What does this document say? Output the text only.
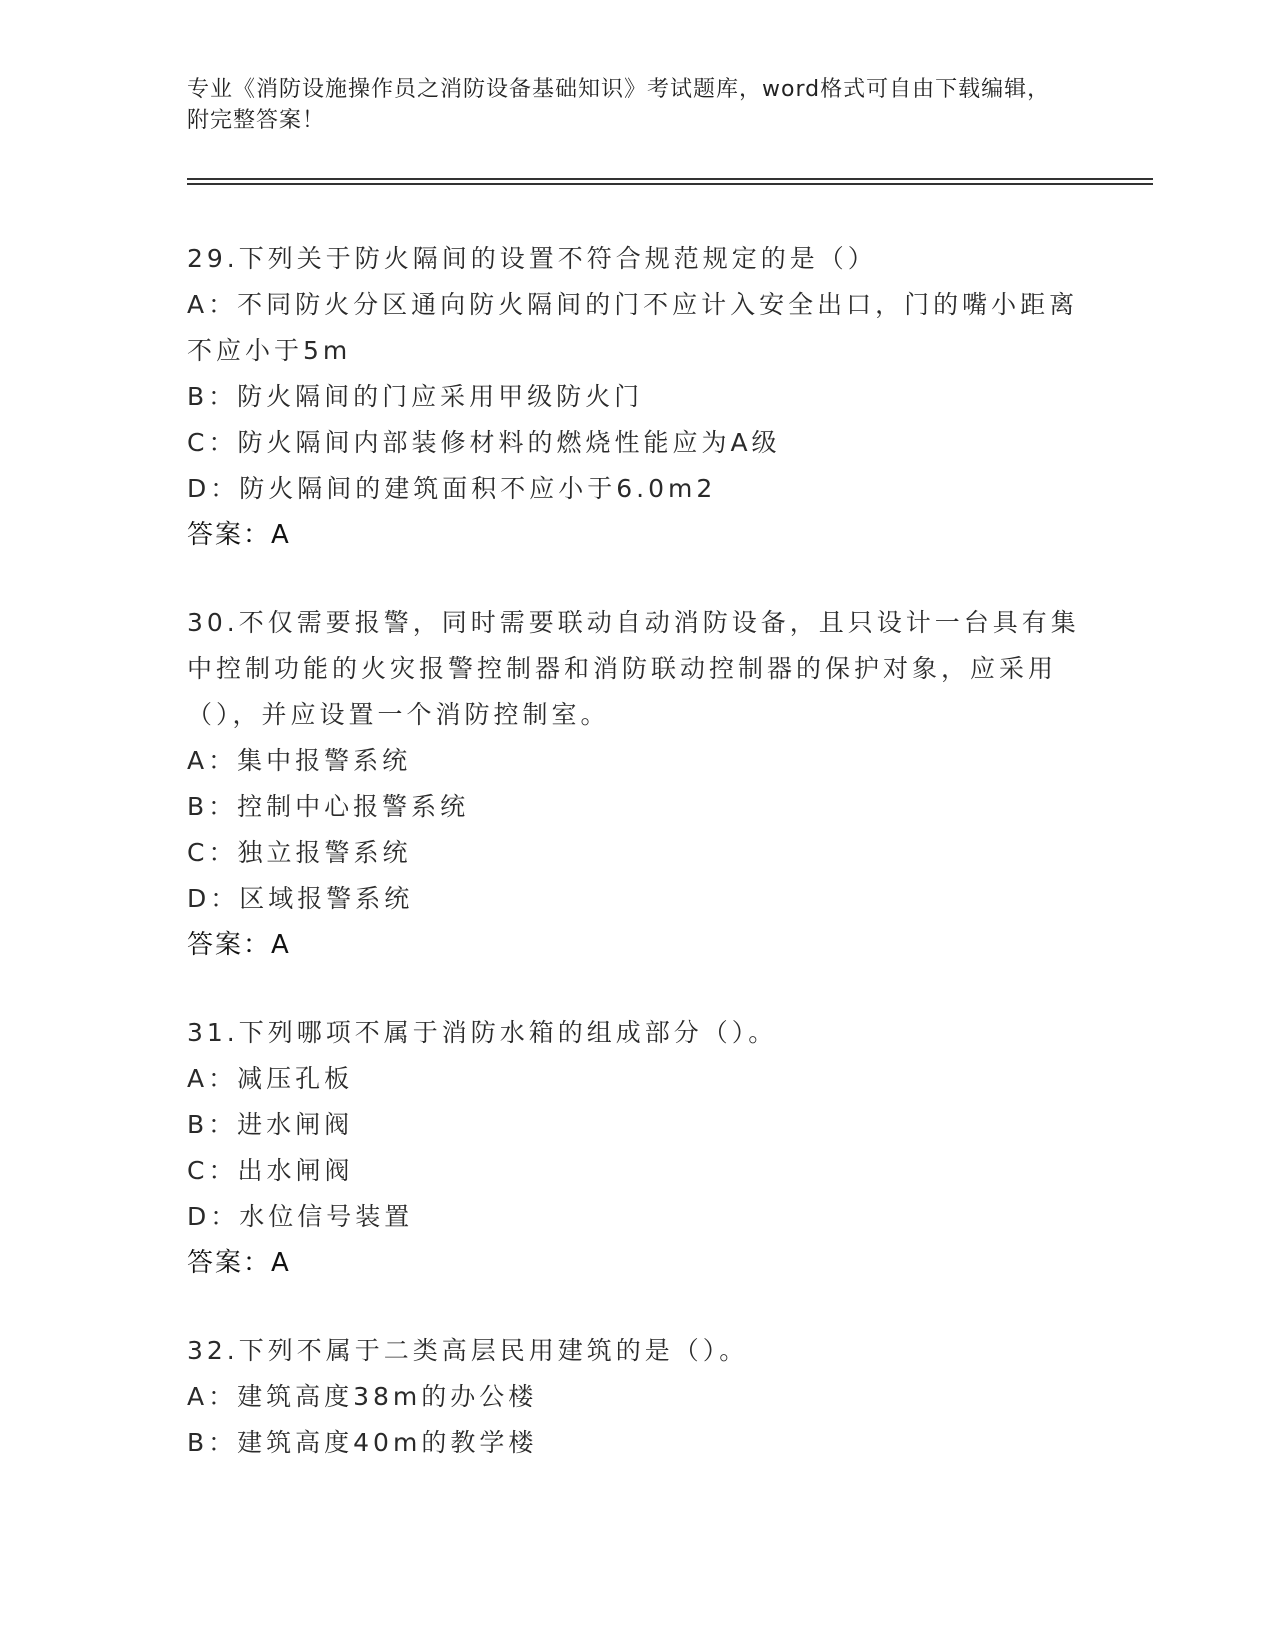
专业《消防设施操作员之消防设备基础知识》考试题库，word格式可自由下载编辑，附完整答案！
29.下列关于防火隔间的设置不符合规范规定的是（）
A：不同防火分区通向防火隔间的门不应计入安全出口，门的嘴小距离
不应小于5m
B：防火隔间的门应采用甲级防火门
C：防火隔间内部装修材料的燃烧性能应为A级
D：防火隔间的建筑面积不应小于6.0m2
答案：A
30.不仅需要报警，同时需要联动自动消防设备，且只设计一台具有集
中控制功能的火灾报警控制器和消防联动控制器的保护对象，应采用
（），并应设置一个消防控制室。
A：集中报警系统
B：控制中心报警系统
C：独立报警系统
D：区域报警系统
答案：A
31.下列哪项不属于消防水箱的组成部分（）。
A：减压孔板
B：进水闸阀
C：出水闸阀
D：水位信号装置
答案：A
32.下列不属于二类高层民用建筑的是（）。
A：建筑高度38m的办公楼
B：建筑高度40m的教学楼
